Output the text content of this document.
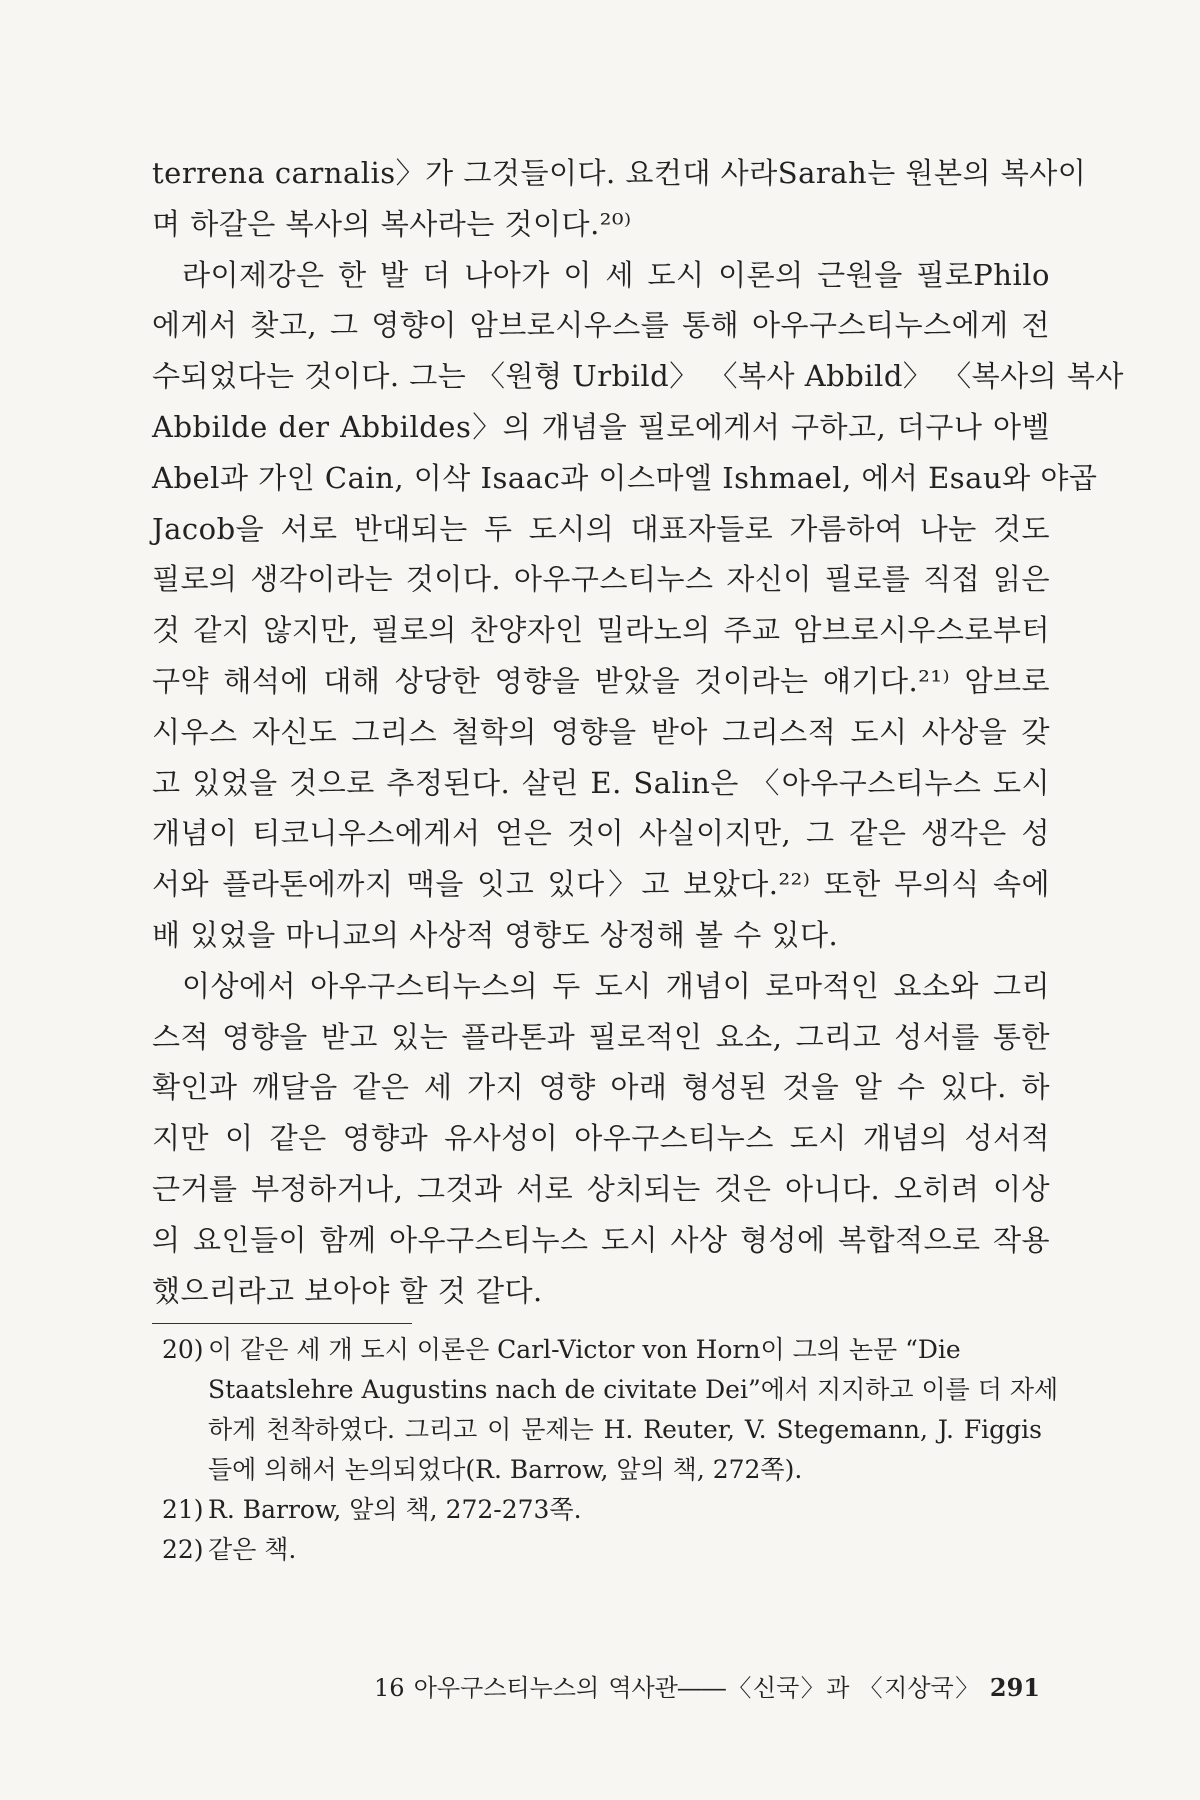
terrena carnalis〉가 그것들이다. 요컨대 사라Sarah는 원본의 복사이
며 하갈은 복사의 복사라는 것이다.²⁰⁾
라이제강은 한 발 더 나아가 이 세 도시 이론의 근원을 필로Philo
에게서 찾고, 그 영향이 암브로시우스를 통해 아우구스티누스에게 전
수되었다는 것이다. 그는 〈원형 Urbild〉 〈복사 Abbild〉 〈복사의 복사
Abbilde der Abbildes〉의 개념을 필로에게서 구하고, 더구나 아벨
Abel과 가인 Cain, 이삭 Isaac과 이스마엘 Ishmael, 에서 Esau와 야곱
Jacob을 서로 반대되는 두 도시의 대표자들로 가름하여 나눈 것도
필로의 생각이라는 것이다. 아우구스티누스 자신이 필로를 직접 읽은
것 같지 않지만, 필로의 찬양자인 밀라노의 주교 암브로시우스로부터
구약 해석에 대해 상당한 영향을 받았을 것이라는 얘기다.²¹⁾ 암브로
시우스 자신도 그리스 철학의 영향을 받아 그리스적 도시 사상을 갖
고 있었을 것으로 추정된다. 살린 E. Salin은 〈아우구스티누스 도시
개념이 티코니우스에게서 얻은 것이 사실이지만, 그 같은 생각은 성
서와 플라톤에까지 맥을 잇고 있다〉고 보았다.²²⁾ 또한 무의식 속에
배 있었을 마니교의 사상적 영향도 상정해 볼 수 있다.
이상에서 아우구스티누스의 두 도시 개념이 로마적인 요소와 그리
스적 영향을 받고 있는 플라톤과 필로적인 요소, 그리고 성서를 통한
확인과 깨달음 같은 세 가지 영향 아래 형성된 것을 알 수 있다. 하
지만 이 같은 영향과 유사성이 아우구스티누스 도시 개념의 성서적
근거를 부정하거나, 그것과 서로 상치되는 것은 아니다. 오히려 이상
의 요인들이 함께 아우구스티누스 도시 사상 형성에 복합적으로 작용
했으리라고 보아야 할 것 같다.
20) 이 같은 세 개 도시 이론은 Carl-Victor von Horn이 그의 논문 “Die
Staatslehre Augustins nach de civitate Dei”에서 지지하고 이를 더 자세
하게 천착하였다. 그리고 이 문제는 H. Reuter, V. Stegemann, J. Figgis
들에 의해서 논의되었다(R. Barrow, 앞의 책, 272쪽).
21) R. Barrow, 앞의 책, 272-273쪽.
22) 같은 책.
16 아우구스티누스의 역사관――〈신국〉과 〈지상국〉 291
